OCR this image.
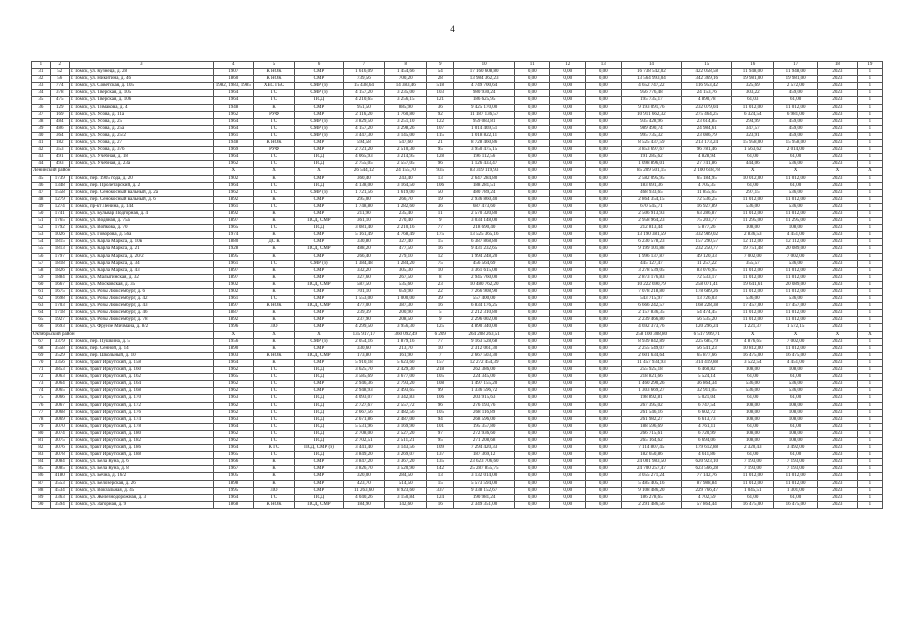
4
1	2	3	4	5	6	7	8	9	10	11	12	13	14	15	16	17	18	19
31	52	г. Томск, ул. Кузнеца, д. 28	1907	К НОК	СМР	1 616,09	1 454,66	54	17 160 608,80	0,00	0,00	0,00	16 738 542,02	422 058,58	11 948,00	11 948,00	2023	1
32	56	г. Томск, ул. Никитина, д. 46	1860	К НОК	СМР	739,56	700,20	28	13 984 362,23	0,00	0,00	0,00	13 564 993,04	342 369,16	19 981,00	19 981,00	2023	1
33	774	г. Томск, ул. Советская, д. 105	1982, 1983, 1985	ХЕС ГБС	СМР (з)	15 438,64	14 383,46	518	4 749 700,64	0,00	0,00	0,00	4 652 747,22	116 953,42	325,69	2 572,00	2023	1
34	378	г. Томск, ул. Тверская, д. 105	1964	ГС	СМР (з)	4 157,20	3 235,00	103	980 930,24	0,00	0,00	0,00	956 776,48	24 153,76	303,22	459,00	2023	1
35	475	г. Томск, ул. Тверская, д. 106	1964	ГС	ПСД	4 210,65	3 256,15	121	186 625,95	0,00	0,00	0,00	195 735,17	4 890,78	61,03	61,00	2023	1
36	129	г. Томск, ул. Тимакова, д. 4	1948	К	СМР	951,50	885,90	36	9 425 170,00	0,00	0,00	0,00	9 193 091,76	232 079,04	11 012,00	11 012,00	2023	1
37	169	г. Томск, ул. Усова, д. 11а	1962	РУФ	СМР	2 116,20	1 760,80	92	11 187 136,57	0,00	0,00	0,00	10 911 662,32	275 464,25	6 324,54	6 981,00	2023	1
38	484	г. Томск, ул. Усова, д. 25	1964	ГС	СМР (з)	3 829,50	3 251,10	122	959 083,81	0,00	0,00	0,00	935 428,96	23 614,85	294,99	459,00	2023	1
39	486	г. Томск, ул. Усова, д. 25а	1964	ГС	СМР (з)	4 157,20	3 298,26	107	1 014 469,51	0,00	0,00	0,00	989 490,74	24 984,61	347,57	459,00	2023	1
40	364	г. Томск, ул. Усова, д. 25/2	1961	ГС	СМР (з)	3 447,30	3 145,00	115	1 018 822,11	0,00	0,00	0,00	995 735,32	23 086,79	323,91	459,00	2023	1
41	182	г. Томск, ул. Усова, д. 27	1948	К НОК	СМР	594,58	547,60	21	8 728 460,86	0,00	0,00	0,00	8 525 437,59	213 173,24	15 958,00	15 958,00	2023	1
42	353	г. Томск, ул. Усова, д. 37б	1969	РУФ	СМР	2 721,20	2 510,30	95	3 950 475,15	0,00	0,00	0,00	3 853 697,67	96 781,46	1 563,62	2 014,00	2023	1
43	491	г. Томск, ул. Учебная, д. 18	1964	ГС	ПСД	4 065,93	3 214,95	128	196 112,56	0,00	0,00	0,00	191 285,62	4 828,94	61,00	61,00	2023	1
44	493	г. Томск, ул. Учебная, д. 23а	1962	ГС	ПСД	2 755,05	2 557,05	96	1 126 433,47	0,00	0,00	0,00	1 098 896,01	27 741,86	444,06	536,00	2023	1
Ленинский район			X	X	X	26 544,12	24 155,70	935	83 319 119,93	0,00	0,00	0,00	85 209 501,15	2 100 618,78	X	X	X	X
45	1739	г. Томск, пер. 1905 года, д. 20	1902	К	СМР	360,40	243,40	13	2 647 284,80	0,00	0,00	0,00	2 582 095,95	65 184,95	10 012,00	11 012,00	2023	1
46	1348	г. Томск, пер. Пролетарский, д. 2	1964	ГС	ПСД	4 138,00	3 164,50	106	188 281,51	0,00	0,00	0,00	183 691,36	4 705,35	61,00	61,00	2023	1
47	1558	г. Томск, пер. Сенокосный вальный, д. 2а	1962	ГС	СМР (з)	1 721,56	1 619,00	50	480 789,24	0,00	0,00	0,00	468 933,65	11 855,65	297,15	536,00	2023	1
48	1279	г. Томск, пер. Сенокосный вальный, д. 6	1892	К	СМР	295,00	266,70	19	2 936 860,40	0,00	0,00	0,00	2 864 354,15	72 536,25	11 012,00	11 012,00	2023	1
49	1274	г. Томск, пр-кт Ленина, д. 144	1961	ГС	СМР	1 748,80	1 282,60	36	687 473,60	0,00	0,00	0,00	670 545,71	16 927,89	536,00	536,00	2023	1
50	1741	г. Томск, ул. Бульвар Подгорная, д. 4	1892	К	СМР	211,90	235,40	11	2 570 320,80	0,00	0,00	0,00	2 506 913,93	63 286,87	11 012,00	11 012,00	2023	1
51	1765	г. Томск, ул. Водяная, д. 75а	1897	К	ПСД, СМР	361,10	270,40	9	3 034 148,00	0,00	0,00	0,00	2 958 964,23	75 203,77	11 295,00	11 295,00	2023	1
52	1792	г. Томск, ул. Войкова, д. 70	1965	ГС	ПСД	3 081,40	2 210,16	77	218 690,40	0,00	0,00	0,00	212 813,44	5 877,26	108,00	108,00	2023	1
53	1026	г. Томск, ул. Говорова, д. 56а	1974	К	СМР	5 161,49	4 768,49	175	13 525 365,16	0,00	0,00	0,00	13 190 381,59	332 989,02	2 836,53	4 451,00	2023	1
54	1815	г. Томск, ул. Карла Маркса, д. 10в	1880	ДС К	СМР	330,80	327,40	15	6 387 868,80	0,00	0,00	0,00	6 230 578,23	157 290,57	12 112,00	12 112,00	2023	1
55	1813	г. Томск, ул. Карла Маркса, д. 21	1928	К	ПСД, СМР	488,20	477,50	16	9 431 232,65	0,00	0,00	0,00	9 199 101,88	232 250,77	19 751,48	20 089,00	2023	1
56	1797	г. Томск, ул. Карла Маркса, д. 20/2	1895	К	СМР	266,40	279,10	12	1 994 248,20	0,00	0,00	0,00	1 996 137,87	49 120,33	7 002,00	7 002,00	2023	1
57	1818	г. Томск, ул. Карла Маркса, д. 34	1961	ГС	СМР (з)	1 384,48	1 284,20	75	456 564,69	0,00	0,00	0,00	445 127,47	11 257,22	355,57	536,00	2023	1
58	1826	г. Томск, ул. Карла Маркса, д. 43	1897	К	СМР	332,20	305,30	10	3 361 615,00	0,00	0,00	0,00	3 278 539,05	83 076,95	11 012,00	11 012,00	2023	1
59	1884	г. Томск, ул. Малыгинская, д. 32	1897	К	СМР	327,60	267,50	8	2 945 760,00	0,00	0,00	0,00	2 873 176,83	72 533,17	11 012,00	11 012,00	2023	1
60	1667	г. Томск, ул. Московская, д. 35	1902	К	ПСД, СМР	587,50	535,60	23	10 480 762,20	0,00	0,00	0,00	10 222 690,79	258 071,41	19 641,61	20 089,00	2023	1
61	1675	г. Томск, ул. Розы Люксембург, д. 6	1902	К	СМР	701,10	659,90	22	7 266 908,90	0,00	0,00	0,00	7 078 218,80	178 689,26	11 012,00	11 012,00	2023	1
62	1698	г. Томск, ул. Розы Люксембург, д. 42	1961	ГС	СМР	1 553,00	1 000,00	39	557 400,00	0,00	0,00	0,00	543 715,97	13 726,03	536,00	536,00	2023	1
63	1703	г. Томск, ул. Розы Люксембург, д. 43	1897	К НОК	ПСД, СМР	477,00	387,30	16	6 834 176,25	0,00	0,00	0,00	6 666 242,57	168 228,38	17 457,00	17 457,00	2023	1
64	1718	г. Томск, ул. Розы Люксембург, д. 46	1887	К	СМР	239,39	200,90	5	2 212 310,80	0,00	0,00	0,00	2 157 836,35	54 474,45	11 012,00	11 012,00	2023	1
65	1927	г. Томск, ул. Розы Люксембург, д. 78	1892	К	СМР	237,90	208,50	9	2 296 002,00	0,00	0,00	0,00	2 239 466,80	56 535,20	11 012,00	11 012,00	2023	1
66	1693	г. Томск, ул. Фрунзе Мичмана, д. 8/2	1996	ЛО	СМР	4 299,50	3 956,30	125	4 890 340,00	0,00	0,00	0,00	4 692 373,76	120 296,24	1 221,37	1 572,15	2023	1
Октябрьский район			X	X	X	135 917,17	360 092,49	6 209	264 208 263,51	0,00	0,00	0,00	258 100 308,80	6 517 999,71	X	X	X	X
67	3379	г. Томск, пер. Пушкина, д. 5	1956	К	СМР (з)	2 054,16	1 879,16	77	9 163 528,68	0,00	0,00	0,00	8 939 842,89	225 685,79	4 876,65	7 002,00	2023	1
68	3558	г. Томск, пер. Сенной, д. 14	1890	К	СМР	330,60	213,70	10	2 312 061,30	0,00	0,00	0,00	2 255 549,07	56 541,23	10 812,00	11 012,00	2023	1
69	3529	г. Томск, пер. Школьный, д. 10	1903	К НОК	ПСД, СМР	173,80	161,90	7	2 667 503,30	0,00	0,00	0,00	2 601 634,64	65 877,66	16 475,00	16 475,00	2023	1
70	3356	г. Томск, тракт Иркутский, д. 158	1964	К	СМР	5 910,18	5 623,60	157	12 272 454,39	0,00	0,00	0,00	11 457 934,93	314 419,88	3 522,54	4 451,00	2023	1
71	3853	г. Томск, тракт Иркутский, д. 160	1962	ГС	ПСД	3 625,70	2 429,30	218	262 386,00	0,00	0,00	0,00	255 925,18	6 460,82	108,00	108,00	2023	1
72	3063	г. Томск, тракт Иркутский, д. 162	1965	ГС	ПСД	3 585,69	3 677,00	105	224 345,00	0,00	0,00	0,00	218 821,66	5 524,14	61,00	61,00	2023	1
73	3064	г. Томск, тракт Иркутский, д. 164	1962	ГС	СМР	2 946,36	2 793,20	108	1 497 155,20	0,00	0,00	0,00	1 460 290,26	36 864,34	536,00	536,00	2023	1
74	3065	г. Томск, тракт Иркутский, д. 168	1962	ГС	СМР	2 948,93	2 493,65	99	1 336 596,72	0,00	0,00	0,00	1 303 669,27	32 911,05	536,00	536,00	2023	1
75	3066	г. Томск, тракт Иркутский, д. 170	1963	ГС	ПСД	4 093,07	3 342,83	106	203 915,63	0,00	0,00	0,00	198 892,81	5 021,04	61,00	61,00	2023	1
76	3067	г. Томск, тракт Иркутский, д. 172	1962	ГС	ПСД	2 727,67	2 557,72	96	276 193,76	0,00	0,00	0,00	267 395,02	6 747,54	108,00	108,00	2023	1
77	3068	г. Томск, тракт Иркутский, д. 176	1962	ГС	ПСД	2 667,56	2 482,56	105	268 116,89	0,00	0,00	0,00	261 546,16	6 602,72	108,00	108,00	2023	1
78	3069	г. Томск, тракт Иркутский, д. 174	1963	ГС	ПСД	2 671,86	2 487,00	94	268 596,00	0,00	0,00	0,00	261 982,27	6 613,73	108,00	108,00	2023	1
79	3070	г. Томск, тракт Иркутский, д. 178	1964	ГС	ПСД	5 531,96	3 169,90	101	195 357,80	0,00	0,00	0,00	188 596,69	4 761,11	61,00	61,00	2023	1
80	3074	г. Томск, тракт Иркутский, д. 180	1962	ГС	ПСД	2 708,00	2 527,20	97	272 936,60	0,00	0,00	0,00	266 715,61	6 720,99	108,00	108,00	2023	1
81	3075	г. Томск, тракт Иркутский, д. 182	1962	ГС	ПСД	2 702,51	2 511,21	95	271 208,68	0,00	0,00	0,00	265 164,62	6 694,06	108,00	108,00	2023	1
82	3076	г. Томск, тракт Иркутский, д. 186	1964	К ГС	ПСД, СМР (з)	3 441,40	3 143,56	109	7 294 420,33	0,00	0,00	0,00	7 114 807,45	179 612,88	2 320,43	3 492,00	2023	1
83	3078	г. Томск, тракт Иркутский, д. 188	1965	ГС	ПСД	3 849,20	3 269,07	137	187 369,12	0,00	0,00	0,00	182 650,86	4 611,86	61,00	61,00	2023	1
84	3084	г. Томск, ул. Бела Куна, д. 6	1966	К	СМР	3 847,20	3 367,20	135	23 623 706,60	0,00	0,00	0,00	24 001 983,50	620 923,10	7 193,00	7 193,00	2023	1
85	3085	г. Томск, ул. Бела Куна, д. 8	1967	К	СМР	3 826,70	3 520,90	142	25 287 855,75	0,00	0,00	0,00	24 700 257,47	623 566,28	7 193,00	7 193,00	2023	1
86	4180	г. Томск, ул. Бечна, д. 16/2	1905	К	СМР	320,00	284,50	13	3 132 014,00	0,00	0,00	0,00	3 055 271,24	77 142,76	11 012,00	11 012,00	2023	1
87	3553	г. Томск, ул. Белозерская, д. 26	1898	К	СМР	423,70	514,50	15	5 573 594,00	0,00	0,00	0,00	5 485 405,16	87 988,84	11 012,00	11 012,00	2023	1
88	4534	г. Томск, ул. Вокзальная, д. 45	1995	ЛО	СМР	11 263,60	8 923,60	337	9 338 152,67	0,00	0,00	0,00	9 108 486,20	229 766,47	1 045,51	1 301,00	2023	1
89	3363	г. Томск, ул. Железнодорожная, д. 3	1964	ГС	ПСД	4 040,26	3 150,84	124	190 981,24	0,00	0,00	0,00	186 278,65	4 702,59	61,00	61,00	2023	1
90	3594	г. Томск, ул. Загорная, д. 9	1868	К НОК	ПСД, СМР	184,90	142,60	16	2 349 351,00	0,00	0,00	0,00	2 291 486,56	57 864,44	16 475,00	16 475,00	2023	1
